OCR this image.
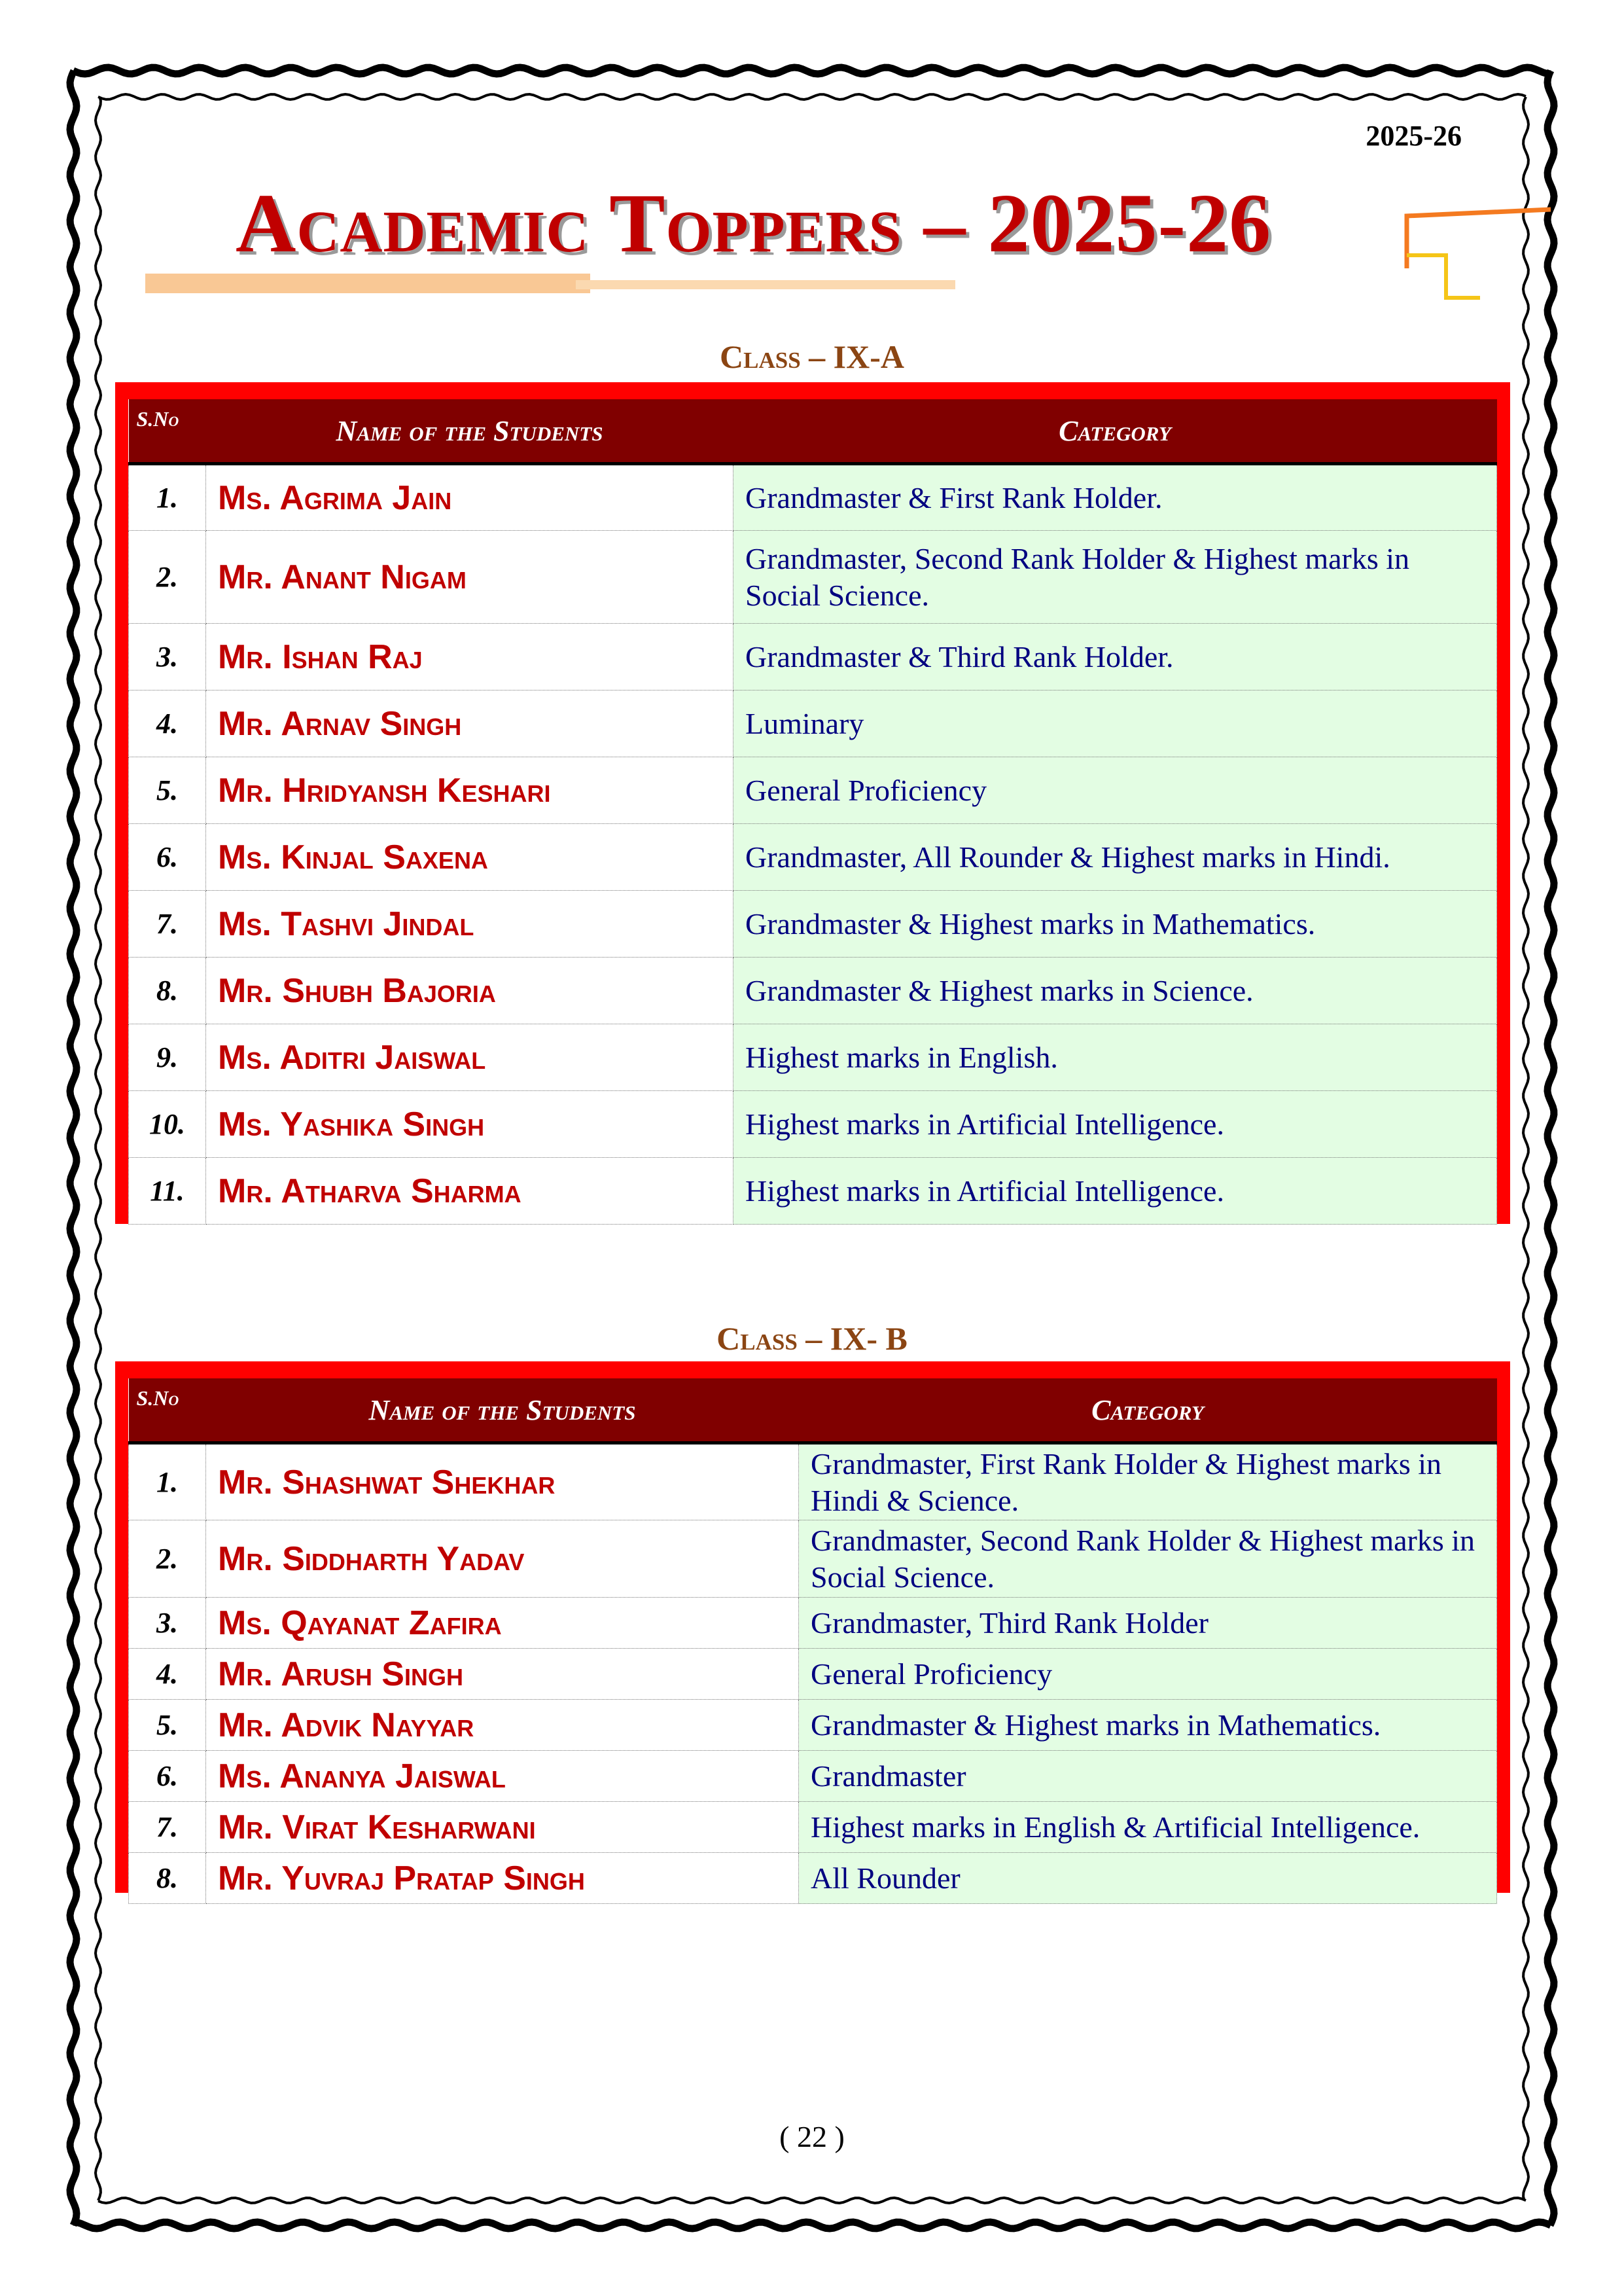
2025-26
Academic Toppers – 2025-26
Class – IX-A
S.No	Name of the Students	Category
1.	Ms. Agrima Jain	Grandmaster & First Rank Holder.
2.	Mr. Anant Nigam	Grandmaster, Second Rank Holder & Highest marks in Social Science.
3.	Mr. Ishan Raj	Grandmaster & Third Rank Holder.
4.	Mr. Arnav Singh	Luminary
5.	Mr. Hridyansh Keshari	General Proficiency
6.	Ms. Kinjal Saxena	Grandmaster, All Rounder & Highest marks in Hindi.
7.	Ms. Tashvi Jindal	Grandmaster & Highest marks in Mathematics.
8.	Mr. Shubh Bajoria	Grandmaster & Highest marks in Science.
9.	Ms. Aditri Jaiswal	Highest marks in English.
10.	Ms. Yashika Singh	Highest marks in Artificial Intelligence.
11.	Mr. Atharva Sharma	Highest marks in Artificial Intelligence.
Class – IX- B
S.No	Name of the Students	Category
1.	Mr. Shashwat Shekhar	Grandmaster, First Rank Holder & Highest marks in Hindi & Science.
2.	Mr. Siddharth Yadav	Grandmaster, Second Rank Holder & Highest marks in Social Science.
3.	Ms. Qayanat Zafira	Grandmaster, Third Rank Holder
4.	Mr. Arush Singh	General Proficiency
5.	Mr. Advik Nayyar	Grandmaster & Highest marks in Mathematics.
6.	Ms. Ananya Jaiswal	Grandmaster
7.	Mr. Virat Kesharwani	Highest marks in English & Artificial Intelligence.
8.	Mr. Yuvraj Pratap Singh	All Rounder
( 22 )
